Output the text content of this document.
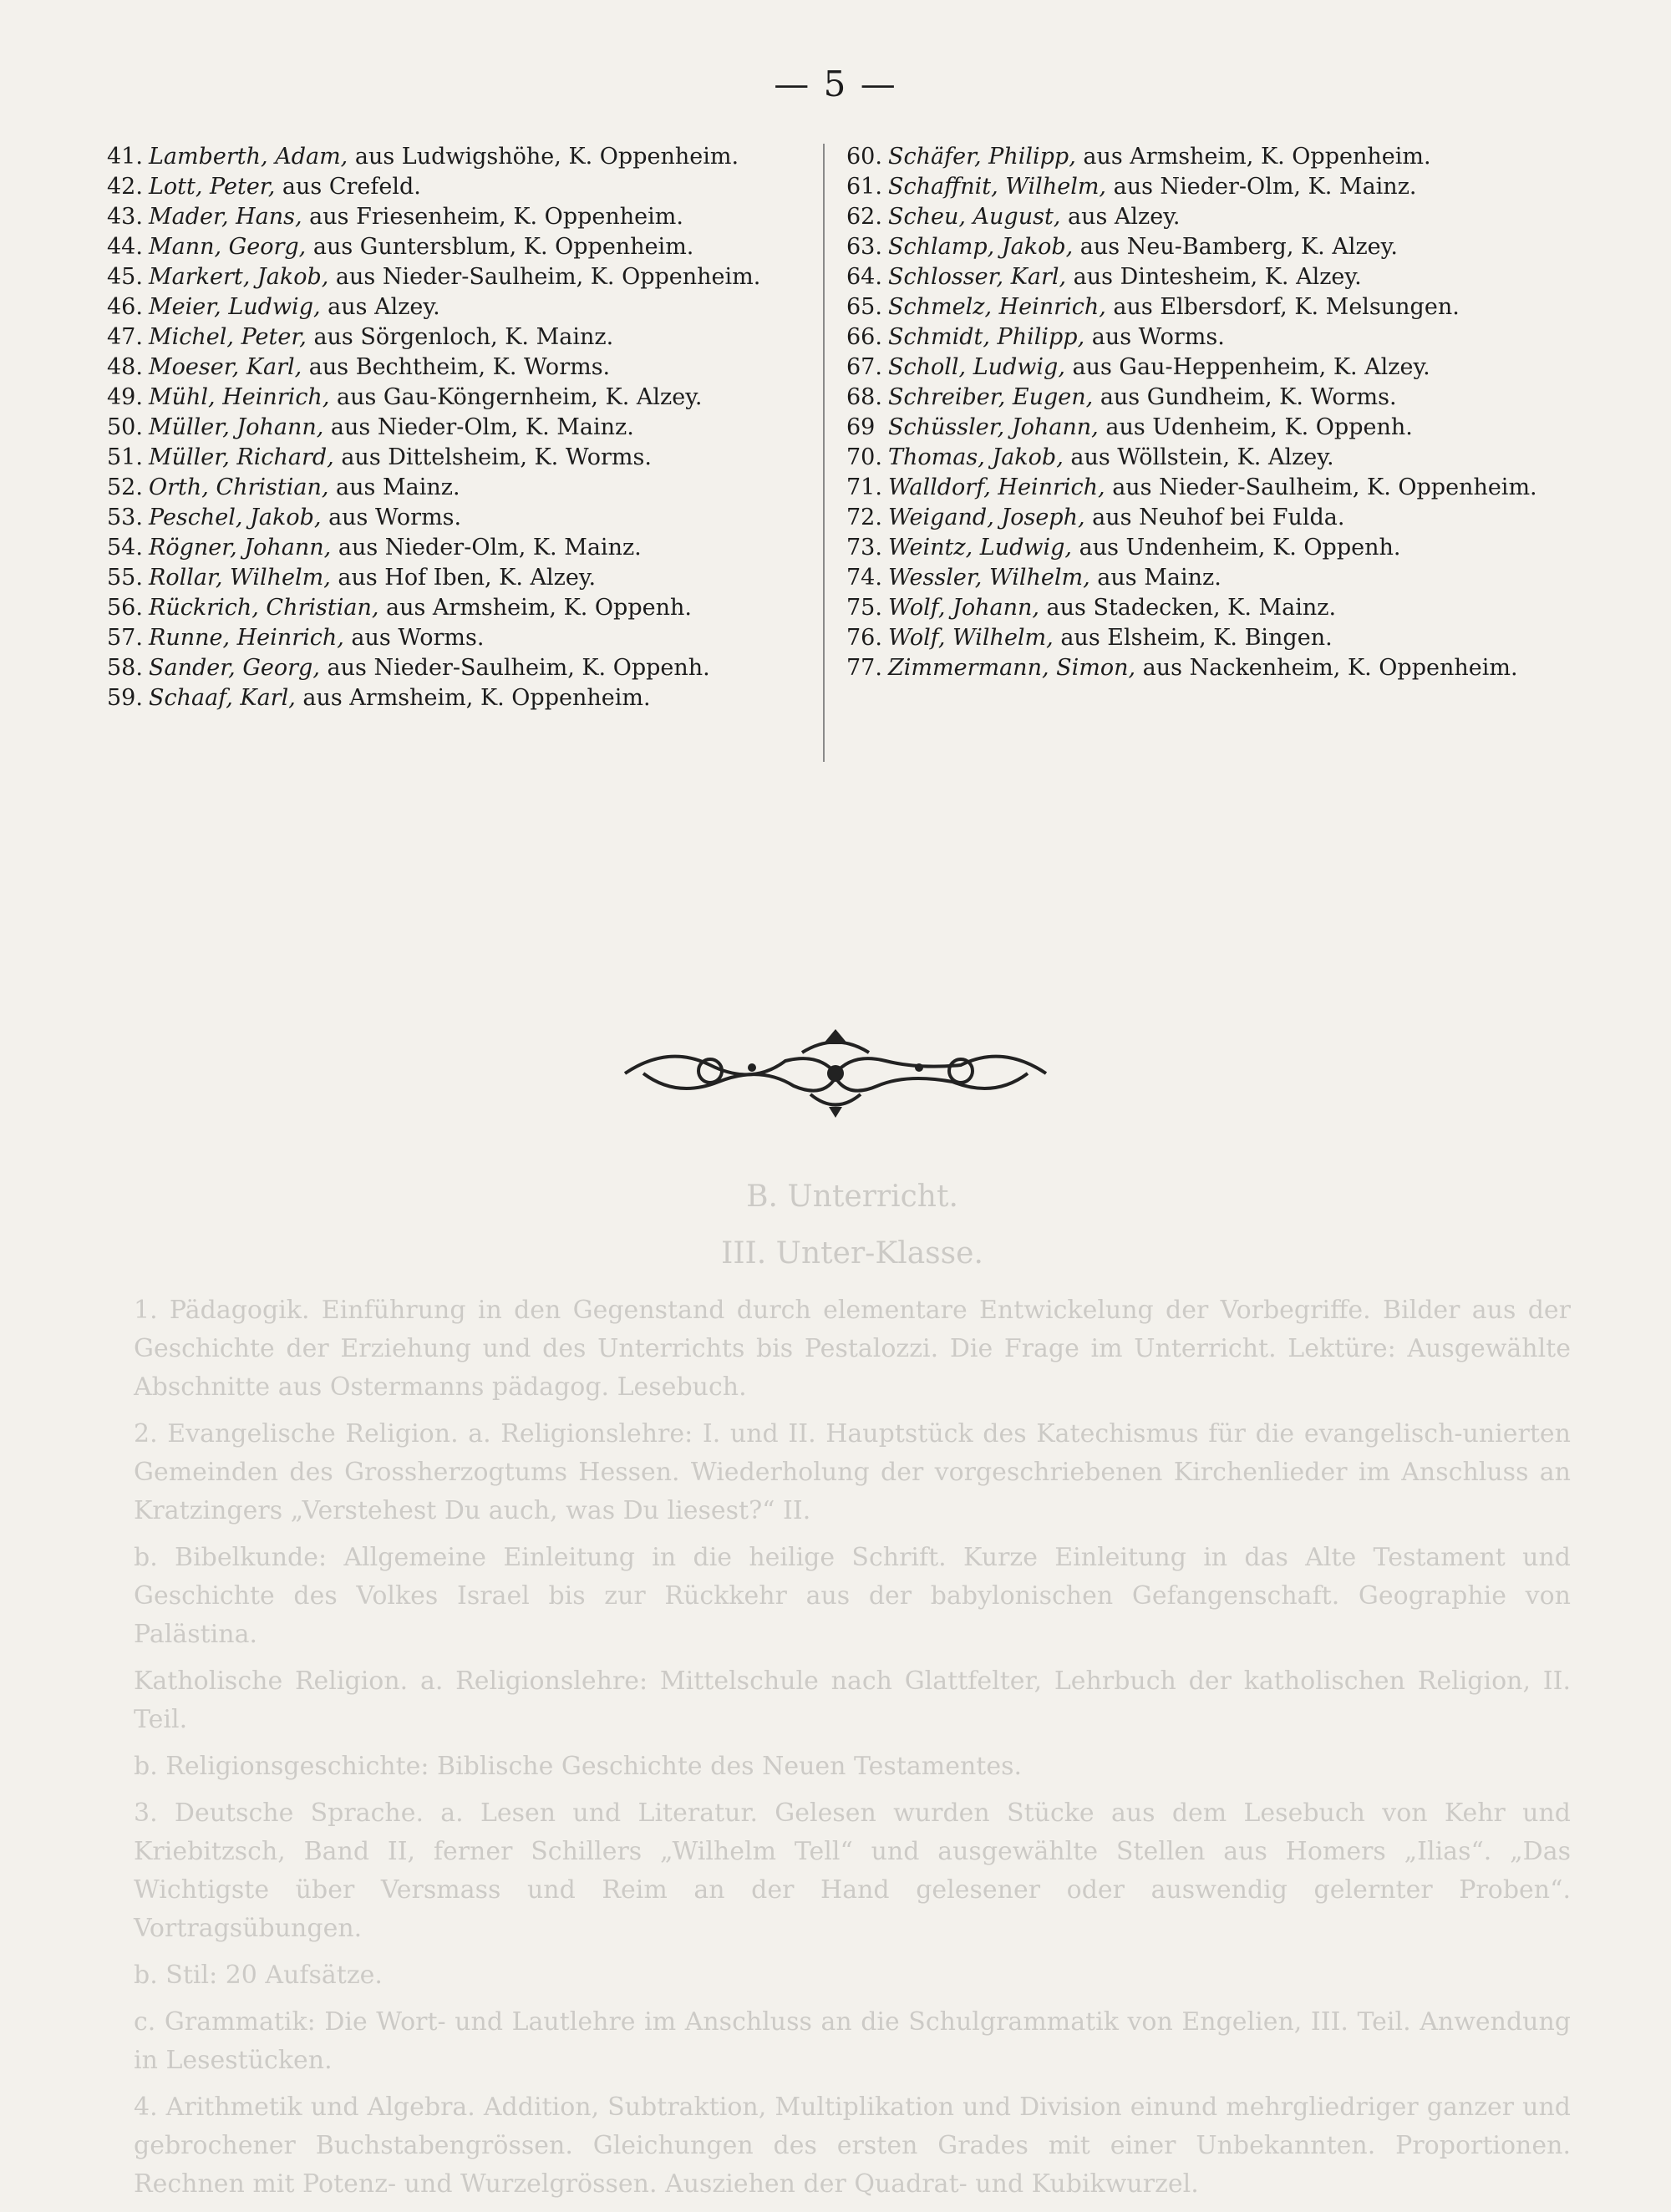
— 5 —
41. Lamberth, Adam, aus Ludwigshöhe, K. Oppenheim.
42. Lott, Peter, aus Crefeld.
43. Mader, Hans, aus Friesenheim, K. Oppenheim.
44. Mann, Georg, aus Guntersblum, K. Oppenheim.
45. Markert, Jakob, aus Nieder-Saulheim, K. Oppenheim.
46. Meier, Ludwig, aus Alzey.
47. Michel, Peter, aus Sörgenloch, K. Mainz.
48. Moeser, Karl, aus Bechtheim, K. Worms.
49. Mühl, Heinrich, aus Gau-Köngernheim, K. Alzey.
50. Müller, Johann, aus Nieder-Olm, K. Mainz.
51. Müller, Richard, aus Dittelsheim, K. Worms.
52. Orth, Christian, aus Mainz.
53. Peschel, Jakob, aus Worms.
54. Rögner, Johann, aus Nieder-Olm, K. Mainz.
55. Rollar, Wilhelm, aus Hof Iben, K. Alzey.
56. Rückrich, Christian, aus Armsheim, K. Oppenh.
57. Runne, Heinrich, aus Worms.
58. Sander, Georg, aus Nieder-Saulheim, K. Oppenh.
59. Schaaf, Karl, aus Armsheim, K. Oppenheim.
60. Schäfer, Philipp, aus Armsheim, K. Oppenheim.
61. Schaffnit, Wilhelm, aus Nieder-Olm, K. Mainz.
62. Scheu, August, aus Alzey.
63. Schlamp, Jakob, aus Neu-Bamberg, K. Alzey.
64. Schlosser, Karl, aus Dintesheim, K. Alzey.
65. Schmelz, Heinrich, aus Elbersdorf, K. Melsungen.
66. Schmidt, Philipp, aus Worms.
67. Scholl, Ludwig, aus Gau-Heppenheim, K. Alzey.
68. Schreiber, Eugen, aus Gundheim, K. Worms.
69 Schüssler, Johann, aus Udenheim, K. Oppenh.
70. Thomas, Jakob, aus Wöllstein, K. Alzey.
71. Walldorf, Heinrich, aus Nieder-Saulheim, K. Oppenheim.
72. Weigand, Joseph, aus Neuhof bei Fulda.
73. Weintz, Ludwig, aus Undenheim, K. Oppenh.
74. Wessler, Wilhelm, aus Mainz.
75. Wolf, Johann, aus Stadecken, K. Mainz.
76. Wolf, Wilhelm, aus Elsheim, K. Bingen.
77. Zimmermann, Simon, aus Nackenheim, K. Oppenheim.
B. Unterricht.
III. Unter-Klasse.

1. Pädagogik. Einführung in den Gegenstand durch elementare Entwickelung der Vorbegriffe. Bilder aus der Geschichte der Erziehung und des Unterrichts bis Pestalozzi. Die Frage im Unterricht. Lektüre: Ausgewählte Abschnitte aus Ostermanns pädagog. Lesebuch.

2. Evangelische Religion. a. Religionslehre: I. und II. Hauptstück des Katechismus für die evangelisch-unierten Gemeinden des Grossherzogtums Hessen. Wiederholung der vorgeschriebenen Kirchenlieder im Anschluss an Kratzingers „Verstehest Du auch, was Du liesest?“ II.

b. Bibelkunde: Allgemeine Einleitung in die heilige Schrift. Kurze Einleitung in das Alte Testament und Geschichte des Volkes Israel bis zur Rückkehr aus der babylonischen Gefangenschaft. Geographie von Palästina.

Katholische Religion. a. Religionslehre: Mittelschule nach Glattfelter, Lehrbuch der katholischen Religion, II. Teil.

b. Religionsgeschichte: Biblische Geschichte des Neuen Testamentes.

3. Deutsche Sprache. a. Lesen und Literatur. Gelesen wurden Stücke aus dem Lesebuch von Kehr und Kriebitzsch, Band II, ferner Schillers „Wilhelm Tell“ und ausgewählte Stellen aus Homers „Ilias“. „Das Wichtigste über Versmass und Reim an der Hand gelesener oder auswendig gelernter Proben“. Vortragsübungen.

b. Stil: 20 Aufsätze.

c. Grammatik: Die Wort- und Lautlehre im Anschluss an die Schulgrammatik von Engelien, III. Teil. Anwendung in Lesestücken.

4. Arithmetik und Algebra. Addition, Subtraktion, Multiplikation und Division einund mehrgliedriger ganzer und gebrochener Buchstabengrössen. Gleichungen des ersten Grades mit einer Unbekannten. Proportionen. Rechnen mit Potenz- und Wurzelgrössen. Ausziehen der Quadrat- und Kubikwurzel.
